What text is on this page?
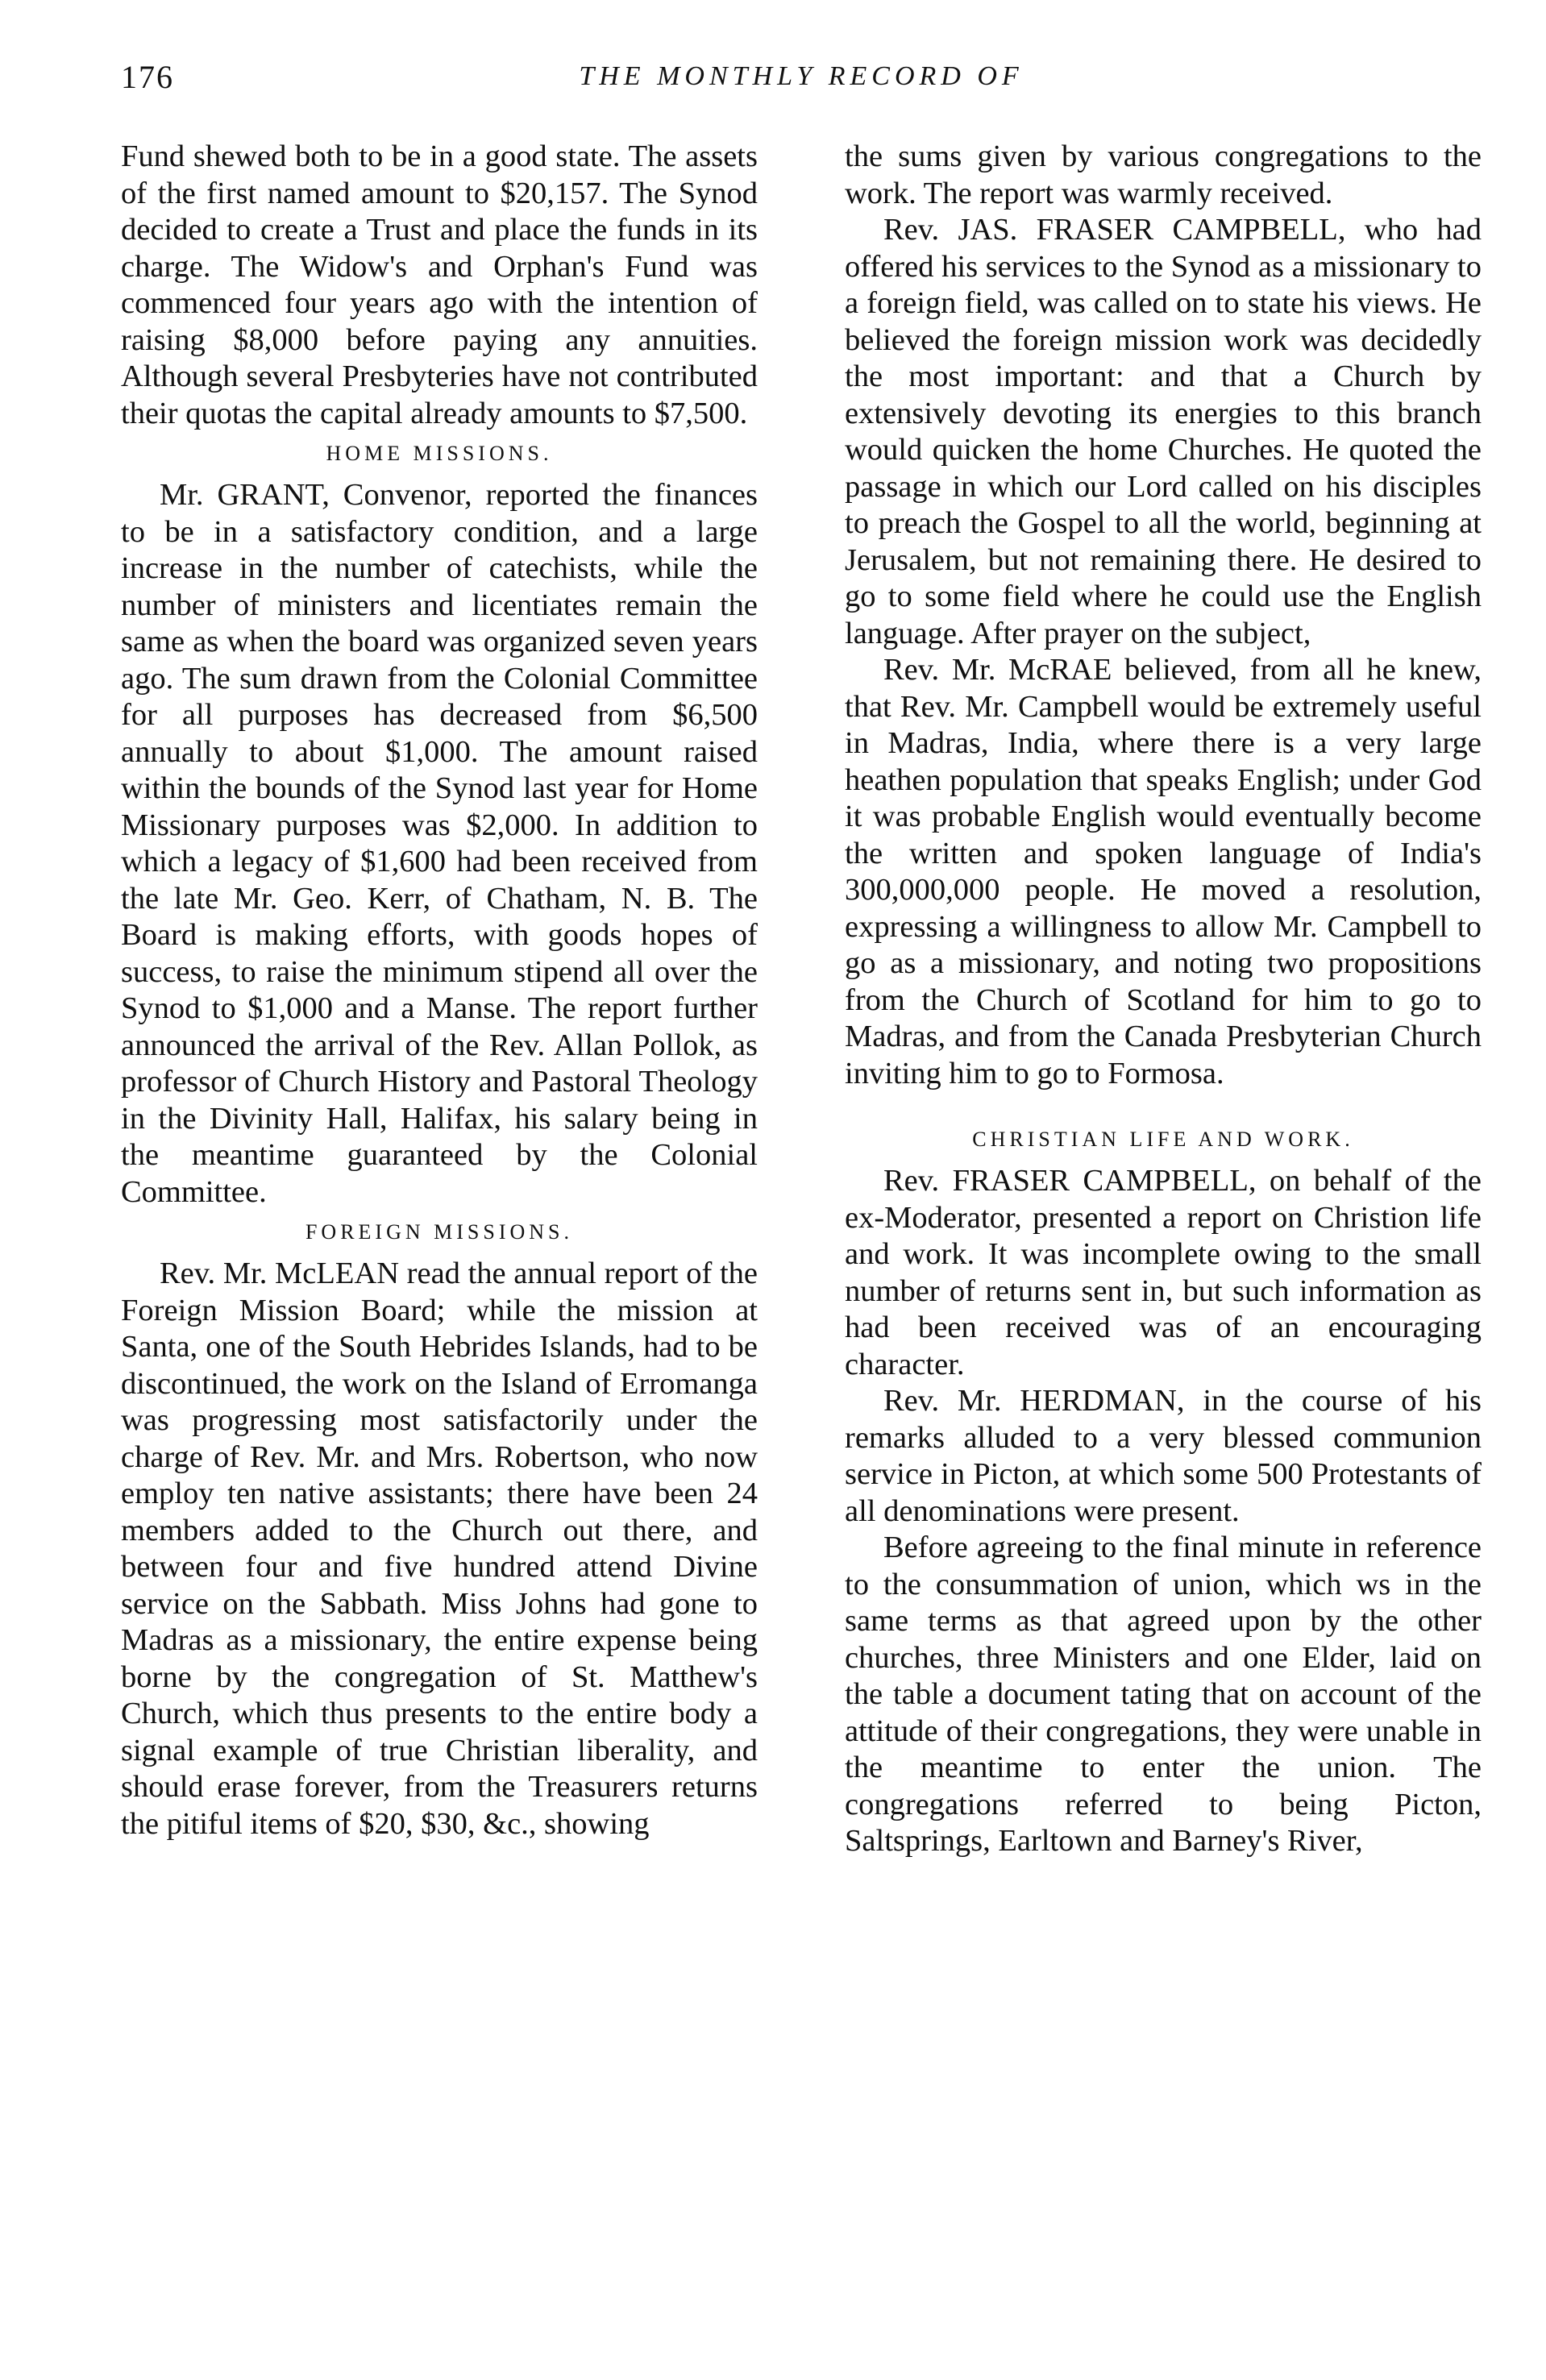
176	THE MONTHLY RECORD OF

Fund shewed both to be in a good state. The assets of the first named amount to $20,157. The Synod decided to create a Trust and place the funds in its charge. The Widow's and Orphan's Fund was commenced four years ago with the intention of raising $8,000 before paying any annuities. Although several Presbyteries have not contributed their quotas the capital already amounts to $7,500.

HOME MISSIONS.

Mr. GRANT, Convenor, reported the finances to be in a satisfactory condition, and a large increase in the number of catechists, while the number of ministers and licentiates remain the same as when the board was organized seven years ago. The sum drawn from the Colonial Committee for all purposes has decreased from $6,500 annually to about $1,000. The amount raised within the bounds of the Synod last year for Home Missionary purposes was $2,000. In addition to which a legacy of $1,600 had been received from the late Mr. Geo. Kerr, of Chatham, N. B. The Board is making efforts, with goods hopes of success, to raise the minimum stipend all over the Synod to $1,000 and a Manse. The report further announced the arrival of the Rev. Allan Pollok, as professor of Church History and Pastoral Theology in the Divinity Hall, Halifax, his salary being in the meantime guaranteed by the Colonial Committee.

FOREIGN MISSIONS.

Rev. Mr. McLEAN read the annual report of the Foreign Mission Board; while the mission at Santa, one of the South Hebrides Islands, had to be discontinued, the work on the Island of Erromanga was progressing most satisfactorily under the charge of Rev. Mr. and Mrs. Robertson, who now employ ten native assistants; there have been 24 members added to the Church out there, and between four and five hundred attend Divine service on the Sabbath. Miss Johns had gone to Madras as a missionary, the entire expense being borne by the congregation of St. Matthew's Church, which thus presents to the entire body a signal example of true Christian liberality, and should erase forever, from the Treasurers returns the pitiful items of $20, $30, &c., showing

the sums given by various congregations to the work. The report was warmly received.

Rev. JAS. FRASER CAMPBELL, who had offered his services to the Synod as a missionary to a foreign field, was called on to state his views. He believed the foreign mission work was decidedly the most important: and that a Church by extensively devoting its energies to this branch would quicken the home Churches. He quoted the passage in which our Lord called on his disciples to preach the Gospel to all the world, beginning at Jerusalem, but not remaining there. He desired to go to some field where he could use the English language. After prayer on the subject,

Rev. Mr. McRAE believed, from all he knew, that Rev. Mr. Campbell would be extremely useful in Madras, India, where there is a very large heathen population that speaks English; under God it was probable English would eventually become the written and spoken language of India's 300,000,000 people. He moved a resolution, expressing a willingness to allow Mr. Campbell to go as a missionary, and noting two propositions from the Church of Scotland for him to go to Madras, and from the Canada Presbyterian Church inviting him to go to Formosa.

CHRISTIAN LIFE AND WORK.

Rev. FRASER CAMPBELL, on behalf of the ex-Moderator, presented a report on Christion life and work. It was incomplete owing to the small number of returns sent in, but such information as had been received was of an encouraging character.

Rev. Mr. HERDMAN, in the course of his remarks alluded to a very blessed communion service in Picton, at which some 500 Protestants of all denominations were present.

Before agreeing to the final minute in reference to the consummation of union, which ws in the same terms as that agreed upon by the other churches, three Ministers and one Elder, laid on the table a document tating that on account of the attitude of their congregations, they were unable in the meantime to enter the union. The congregations referred to being Picton, Saltsprings, Earltown and Barney's River,
